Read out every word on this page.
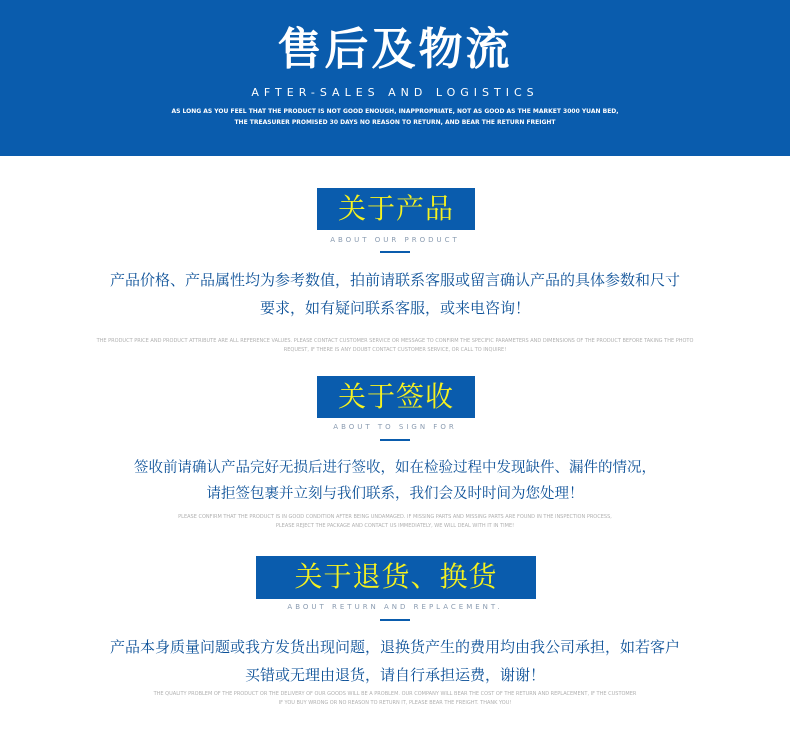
售后及物流
AFTER-SALES AND LOGISTICS
AS LONG AS YOU FEEL THAT THE PRODUCT IS NOT GOOD ENOUGH, INAPPROPRIATE, NOT AS GOOD AS THE MARKET 3000 YUAN BED,
THE TREASURER PROMISED 30 DAYS NO REASON TO RETURN, AND BEAR THE RETURN FREIGHT
关于产品
ABOUT OUR PRODUCT
产品价格、产品属性均为参考数值，拍前请联系客服或留言确认产品的具体参数和尺寸
要求，如有疑问联系客服，或来电咨询！
THE PRODUCT PRICE AND PRODUCT ATTRIBUTE ARE ALL REFERENCE VALUES. PLEASE CONTACT CUSTOMER SERVICE OR MESSAGE TO CONFIRM THE SPECIFIC PARAMETERS AND DIMENSIONS OF THE PRODUCT BEFORE TAKING THE PHOTO
REQUEST, IF THERE IS ANY DOUBT CONTACT CUSTOMER SERVICE, OR CALL TO INQUIRE!
关于签收
ABOUT TO SIGN FOR
签收前请确认产品完好无损后进行签收，如在检验过程中发现缺件、漏件的情况，
请拒签包裹并立刻与我们联系，我们会及时时间为您处理！
PLEASE CONFIRM THAT THE PRODUCT IS IN GOOD CONDITION AFTER BEING UNDAMAGED. IF MISSING PARTS AND MISSING PARTS ARE FOUND IN THE INSPECTION PROCESS,
PLEASE REJECT THE PACKAGE AND CONTACT US IMMEDIATELY, WE WILL DEAL WITH IT IN TIME!
关于退货、换货
ABOUT RETURN AND REPLACEMENT.
产品本身质量问题或我方发货出现问题，退换货产生的费用均由我公司承担，如若客户
买错或无理由退货，请自行承担运费，谢谢！
THE QUALITY PROBLEM OF THE PRODUCT OR THE DELIVERY OF OUR GOODS WILL BE A PROBLEM. OUR COMPANY WILL BEAR THE COST OF THE RETURN AND REPLACEMENT, IF THE CUSTOMER
IF YOU BUY WRONG OR NO REASON TO RETURN IT, PLEASE BEAR THE FREIGHT. THANK YOU!
